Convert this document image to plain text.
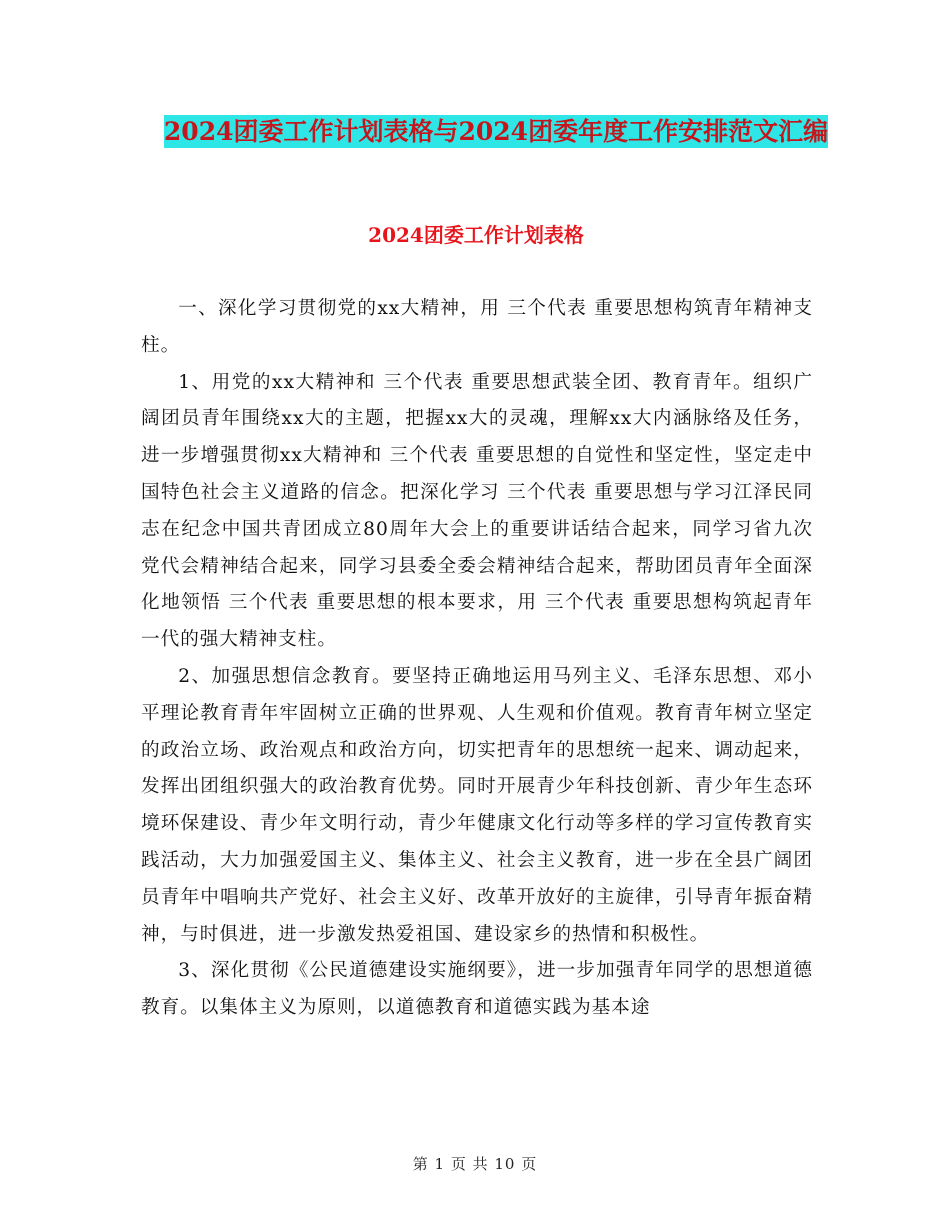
2024团委工作计划表格与2024团委年度工作安排范文汇编
2024团委工作计划表格

一、深化学习贯彻党的xx大精神，用 三个代表 重要思想构筑青年精神支柱。

1、用党的xx大精神和 三个代表 重要思想武装全团、教育青年。组织广阔团员青年围绕xx大的主题，把握xx大的灵魂，理解xx大内涵脉络及任务，进一步增强贯彻xx大精神和 三个代表 重要思想的自觉性和坚定性，坚定走中国特色社会主义道路的信念。把深化学习 三个代表 重要思想与学习江泽民同志在纪念中国共青团成立80周年大会上的重要讲话结合起来，同学习省九次党代会精神结合起来，同学习县委全委会精神结合起来，帮助团员青年全面深化地领悟 三个代表 重要思想的根本要求，用 三个代表 重要思想构筑起青年一代的强大精神支柱。

2、加强思想信念教育。要坚持正确地运用马列主义、毛泽东思想、邓小平理论教育青年牢固树立正确的世界观、人生观和价值观。教育青年树立坚定的政治立场、政治观点和政治方向，切实把青年的思想统一起来、调动起来，发挥出团组织强大的政治教育优势。同时开展青少年科技创新、青少年生态环境环保建设、青少年文明行动，青少年健康文化行动等多样的学习宣传教育实践活动，大力加强爱国主义、集体主义、社会主义教育，进一步在全县广阔团员青年中唱响共产党好、社会主义好、改革开放好的主旋律，引导青年振奋精神，与时俱进，进一步激发热爱祖国、建设家乡的热情和积极性。

3、深化贯彻《公民道德建设实施纲要》，进一步加强青年同学的思想道德教育。以集体主义为原则，以道德教育和道德实践为基本途

第 1 页 共 10 页
